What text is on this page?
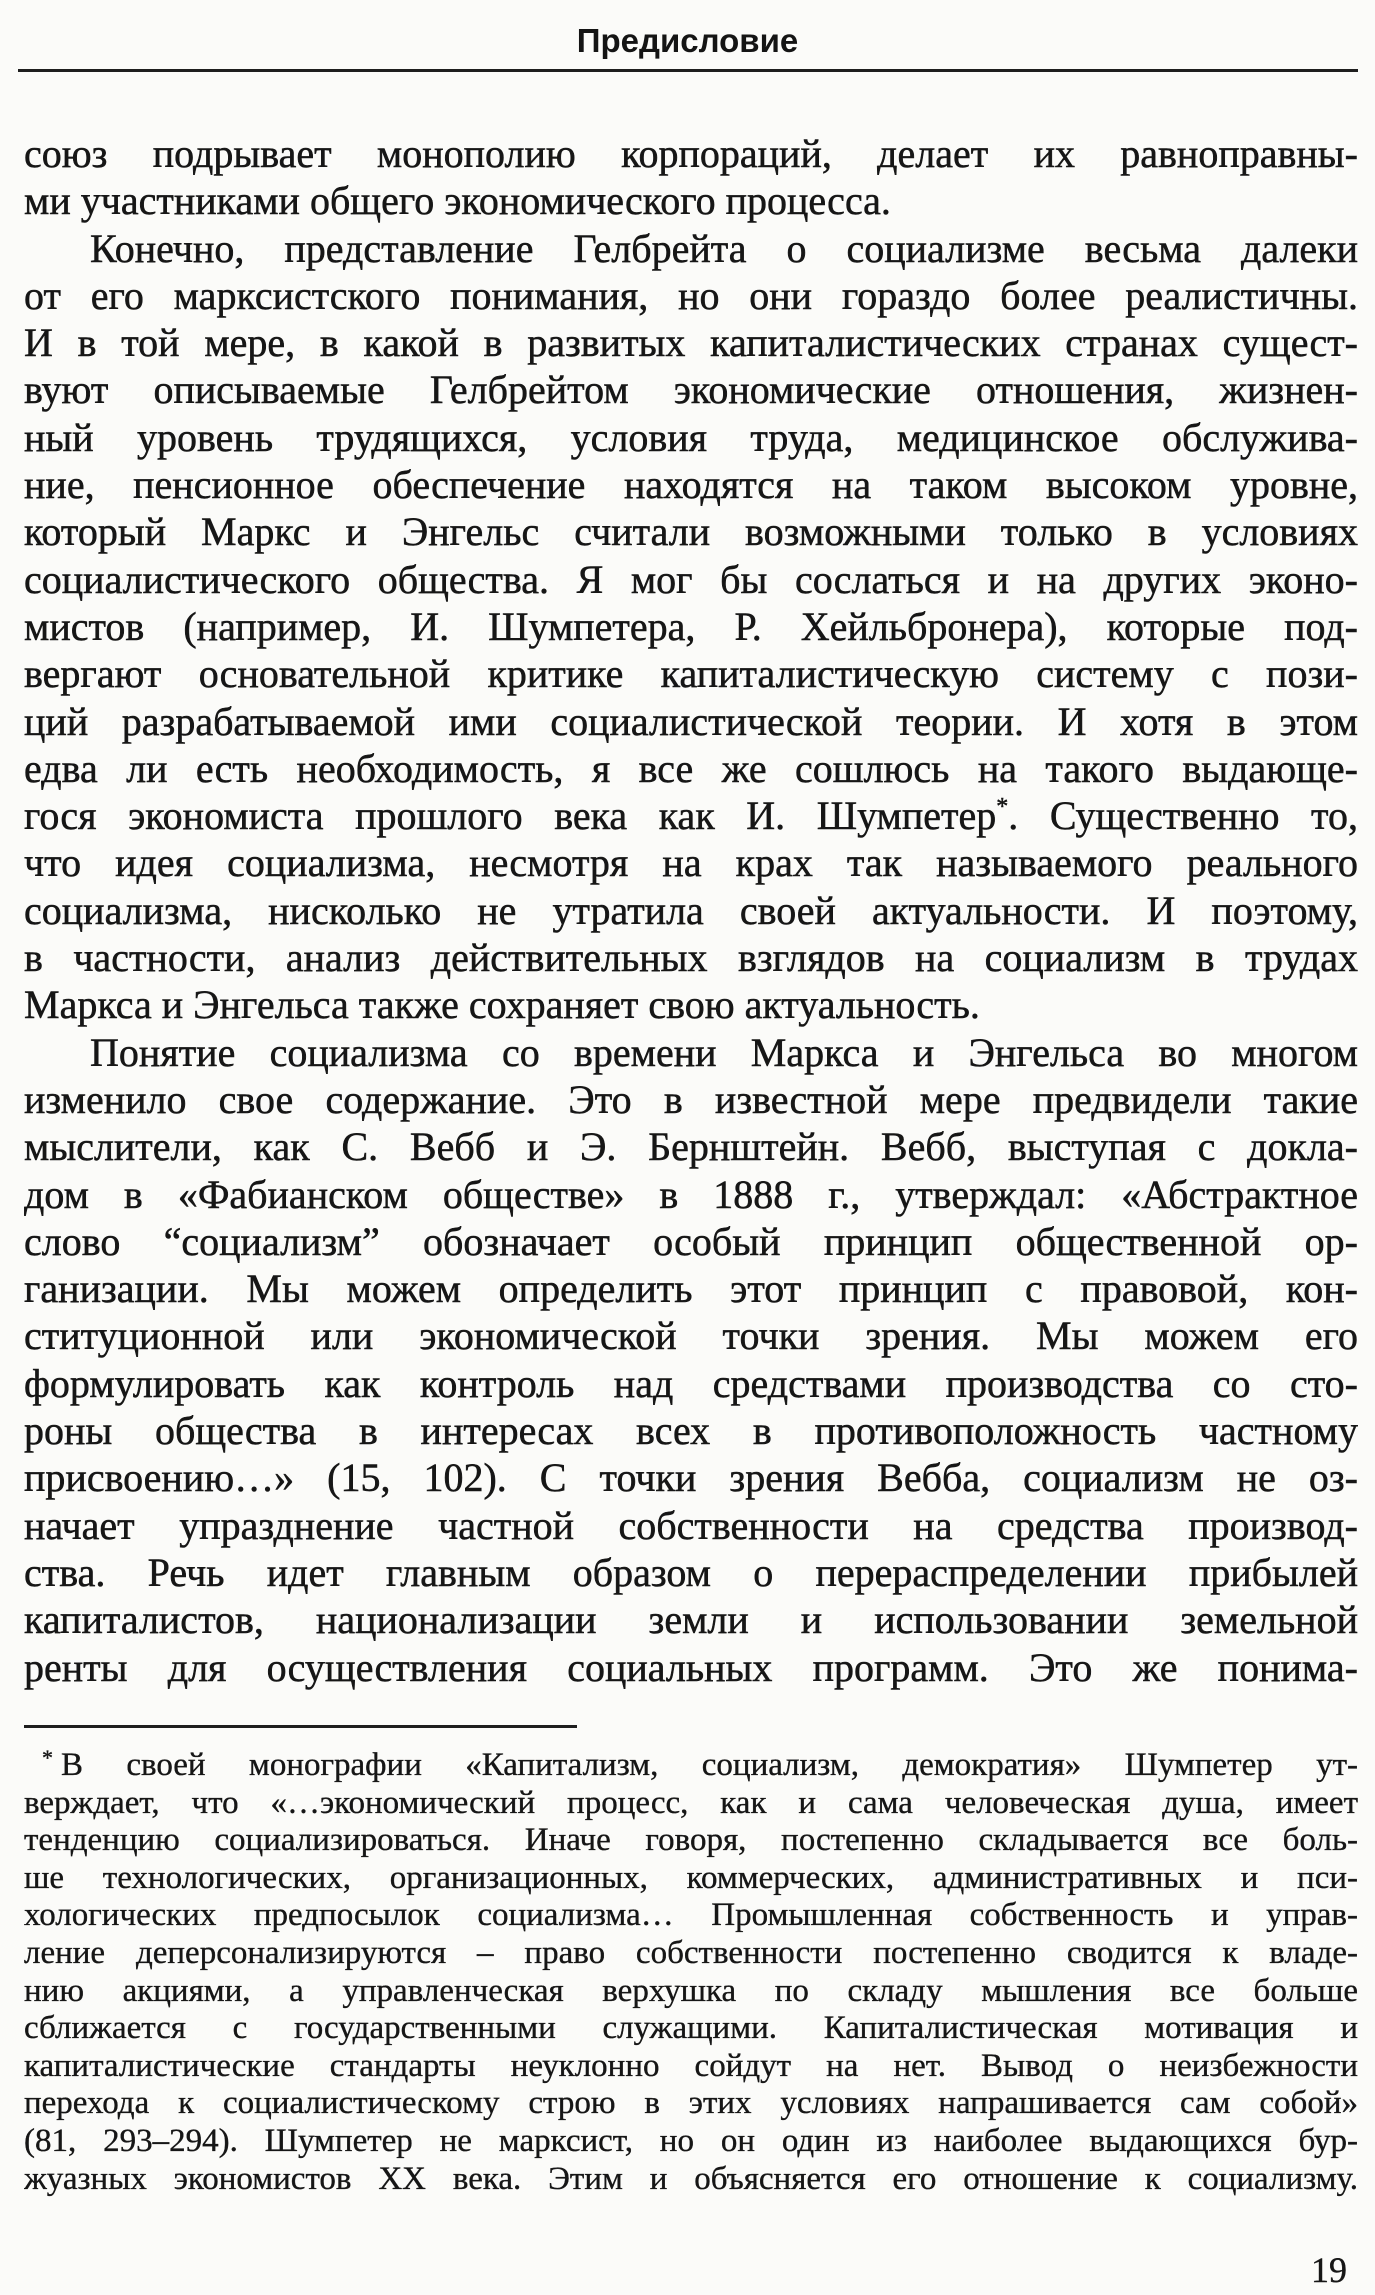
Предисловие
союз подрывает монополию корпораций, делает их равноправны-
ми участниками общего экономического процесса.
Конечно, представление Гелбрейта о социализме весьма далеки
от его марксистского понимания, но они гораздо более реалистичны.
И в той мере, в какой в развитых капиталистических странах сущест-
вуют описываемые Гелбрейтом экономические отношения, жизнен-
ный уровень трудящихся, условия труда, медицинское обслужива-
ние, пенсионное обеспечение находятся на таком высоком уровне,
который Маркс и Энгельс считали возможными только в условиях
социалистического общества. Я мог бы сослаться и на других эконо-
мистов (например, И. Шумпетера, Р. Хейльбронера), которые под-
вергают основательной критике капиталистическую систему с пози-
ций разрабатываемой ими социалистической теории. И хотя в этом
едва ли есть необходимость, я все же сошлюсь на такого выдающе-
гося экономиста прошлого века как И. Шумпетер*. Существенно то,
что идея социализма, несмотря на крах так называемого реального
социализма, нисколько не утратила своей актуальности. И поэтому,
в частности, анализ действительных взглядов на социализм в трудах
Маркса и Энгельса также сохраняет свою актуальность.
Понятие социализма со времени Маркса и Энгельса во многом
изменило свое содержание. Это в известной мере предвидели такие
мыслители, как С. Вебб и Э. Бернштейн. Вебб, выступая с докла-
дом в «Фабианском обществе» в 1888 г., утверждал: «Абстрактное
слово “социализм” обозначает особый принцип общественной ор-
ганизации. Мы можем определить этот принцип с правовой, кон-
ституционной или экономической точки зрения. Мы можем его
формулировать как контроль над средствами производства со сто-
роны общества в интересах всех в противоположность частному
присвоению…» (15, 102). С точки зрения Вебба, социализм не оз-
начает упразднение частной собственности на средства производ-
ства. Речь идет главным образом о перераспределении прибылей
капиталистов, национализации земли и использовании земельной
ренты для осуществления социальных программ. Это же понима-
* В своей монографии «Капитализм, социализм, демократия» Шумпетер ут-
верждает, что «…экономический процесс, как и сама человеческая душа, имеет
тенденцию социализироваться. Иначе говоря, постепенно складывается все боль-
ше технологических, организационных, коммерческих, административных и пси-
хологических предпосылок социализма… Промышленная собственность и управ-
ление деперсонализируются – право собственности постепенно сводится к владе-
нию акциями, а управленческая верхушка по складу мышления все больше
сближается с государственными служащими. Капиталистическая мотивация и
капиталистические стандарты неуклонно сойдут на нет. Вывод о неизбежности
перехода к социалистическому строю в этих условиях напрашивается сам собой»
(81, 293–294). Шумпетер не марксист, но он один из наиболее выдающихся бур-
жуазных экономистов XX века. Этим и объясняется его отношение к социализму.
19
